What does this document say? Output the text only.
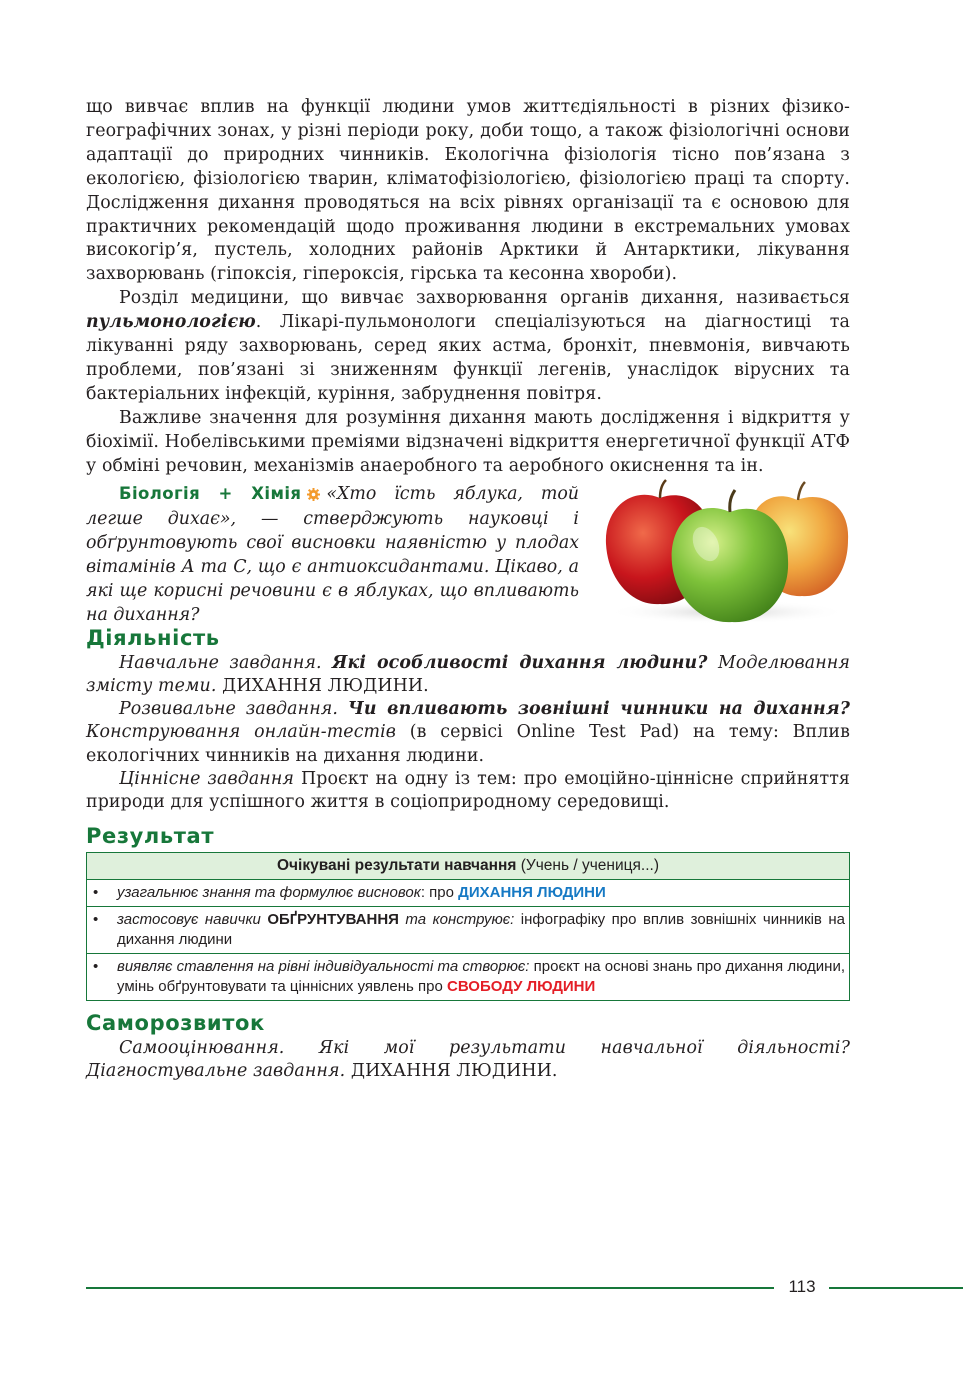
що вивчає вплив на функції людини умов життєдіяльності в різних фізико-географічних зонах, у різні періоди року, доби тощо, а також фізіологічні основи адаптації до природних чинників. Екологічна фізіологія тісно пов’язана з екологією, фізіологією тварин, кліматофізіологією, фізіологією праці та спорту. Дослідження дихання проводяться на всіх рівнях організації та є основою для практичних рекомендацій щодо проживання людини в екстремальних умовах високогір’я, пустель, холодних районів Арктики й Антарктики, лікування захворювань (гіпоксія, гіпероксія, гірська та кесонна хвороби).

Розділ медицини, що вивчає захворювання органів дихання, називається пульмонологією. Лікарі-пульмонологи спеціалізуються на діагностиці та лікуванні ряду захворювань, серед яких астма, бронхіт, пневмонія, вивчають проблеми, пов’язані зі зниженням функції легенів, унаслідок вірусних та бактеріальних інфекцій, куріння, забруднення повітря.

Важливе значення для розуміння дихання мають дослідження і відкриття у біохімії. Нобелівськими преміями відзначені відкриття енергетичної функції АТФ у обміні речовин, механізмів анаеробного та аеробного окиснення та ін.

Біологія + Хімія «Хто їсть яблука, той легше дихає», — стверджують науковці і обґрунтовують свої висновки наявністю у плодах вітамінів А та С, що є антиоксидантами. Цікаво, а які ще корисні речовини є в яблуках, що впливають на дихання?
Діяльність

Навчальне завдання. Які особливості дихання людини? Моделювання змісту теми. ДИХАННЯ ЛЮДИНИ.

Розвивальне завдання. Чи впливають зовнішні чинники на дихання? Конструювання онлайн-тестів (в сервісі Online Test Pad) на тему: Вплив екологічних чинників на дихання людини.

Ціннісне завдання Проєкт на одну із тем: про емоційно-ціннісне сприйняття природи для успішного життя в соціоприродному середовищі.

Результат
Очікувані результати навчання (Учень / учениця...)

•	узагальнює знання та формулює висновок: про ДИХАННЯ ЛЮДИНИ

•	застосовує навички ОБҐРУНТУВАННЯ та конструює: інфографіку про вплив зовнішніх чинників на дихання людини

•	виявляє ставлення на рівні індивідуальності та створює: проєкт на основі знань про дихання людини, умінь обґрунтовувати та ціннісних уявлень про СВОБОДУ ЛЮДИНИ
Саморозвиток

Самооцінювання. Які мої результати навчальної діяльності? Діагностувальне завдання. ДИХАННЯ ЛЮДИНИ.

113
